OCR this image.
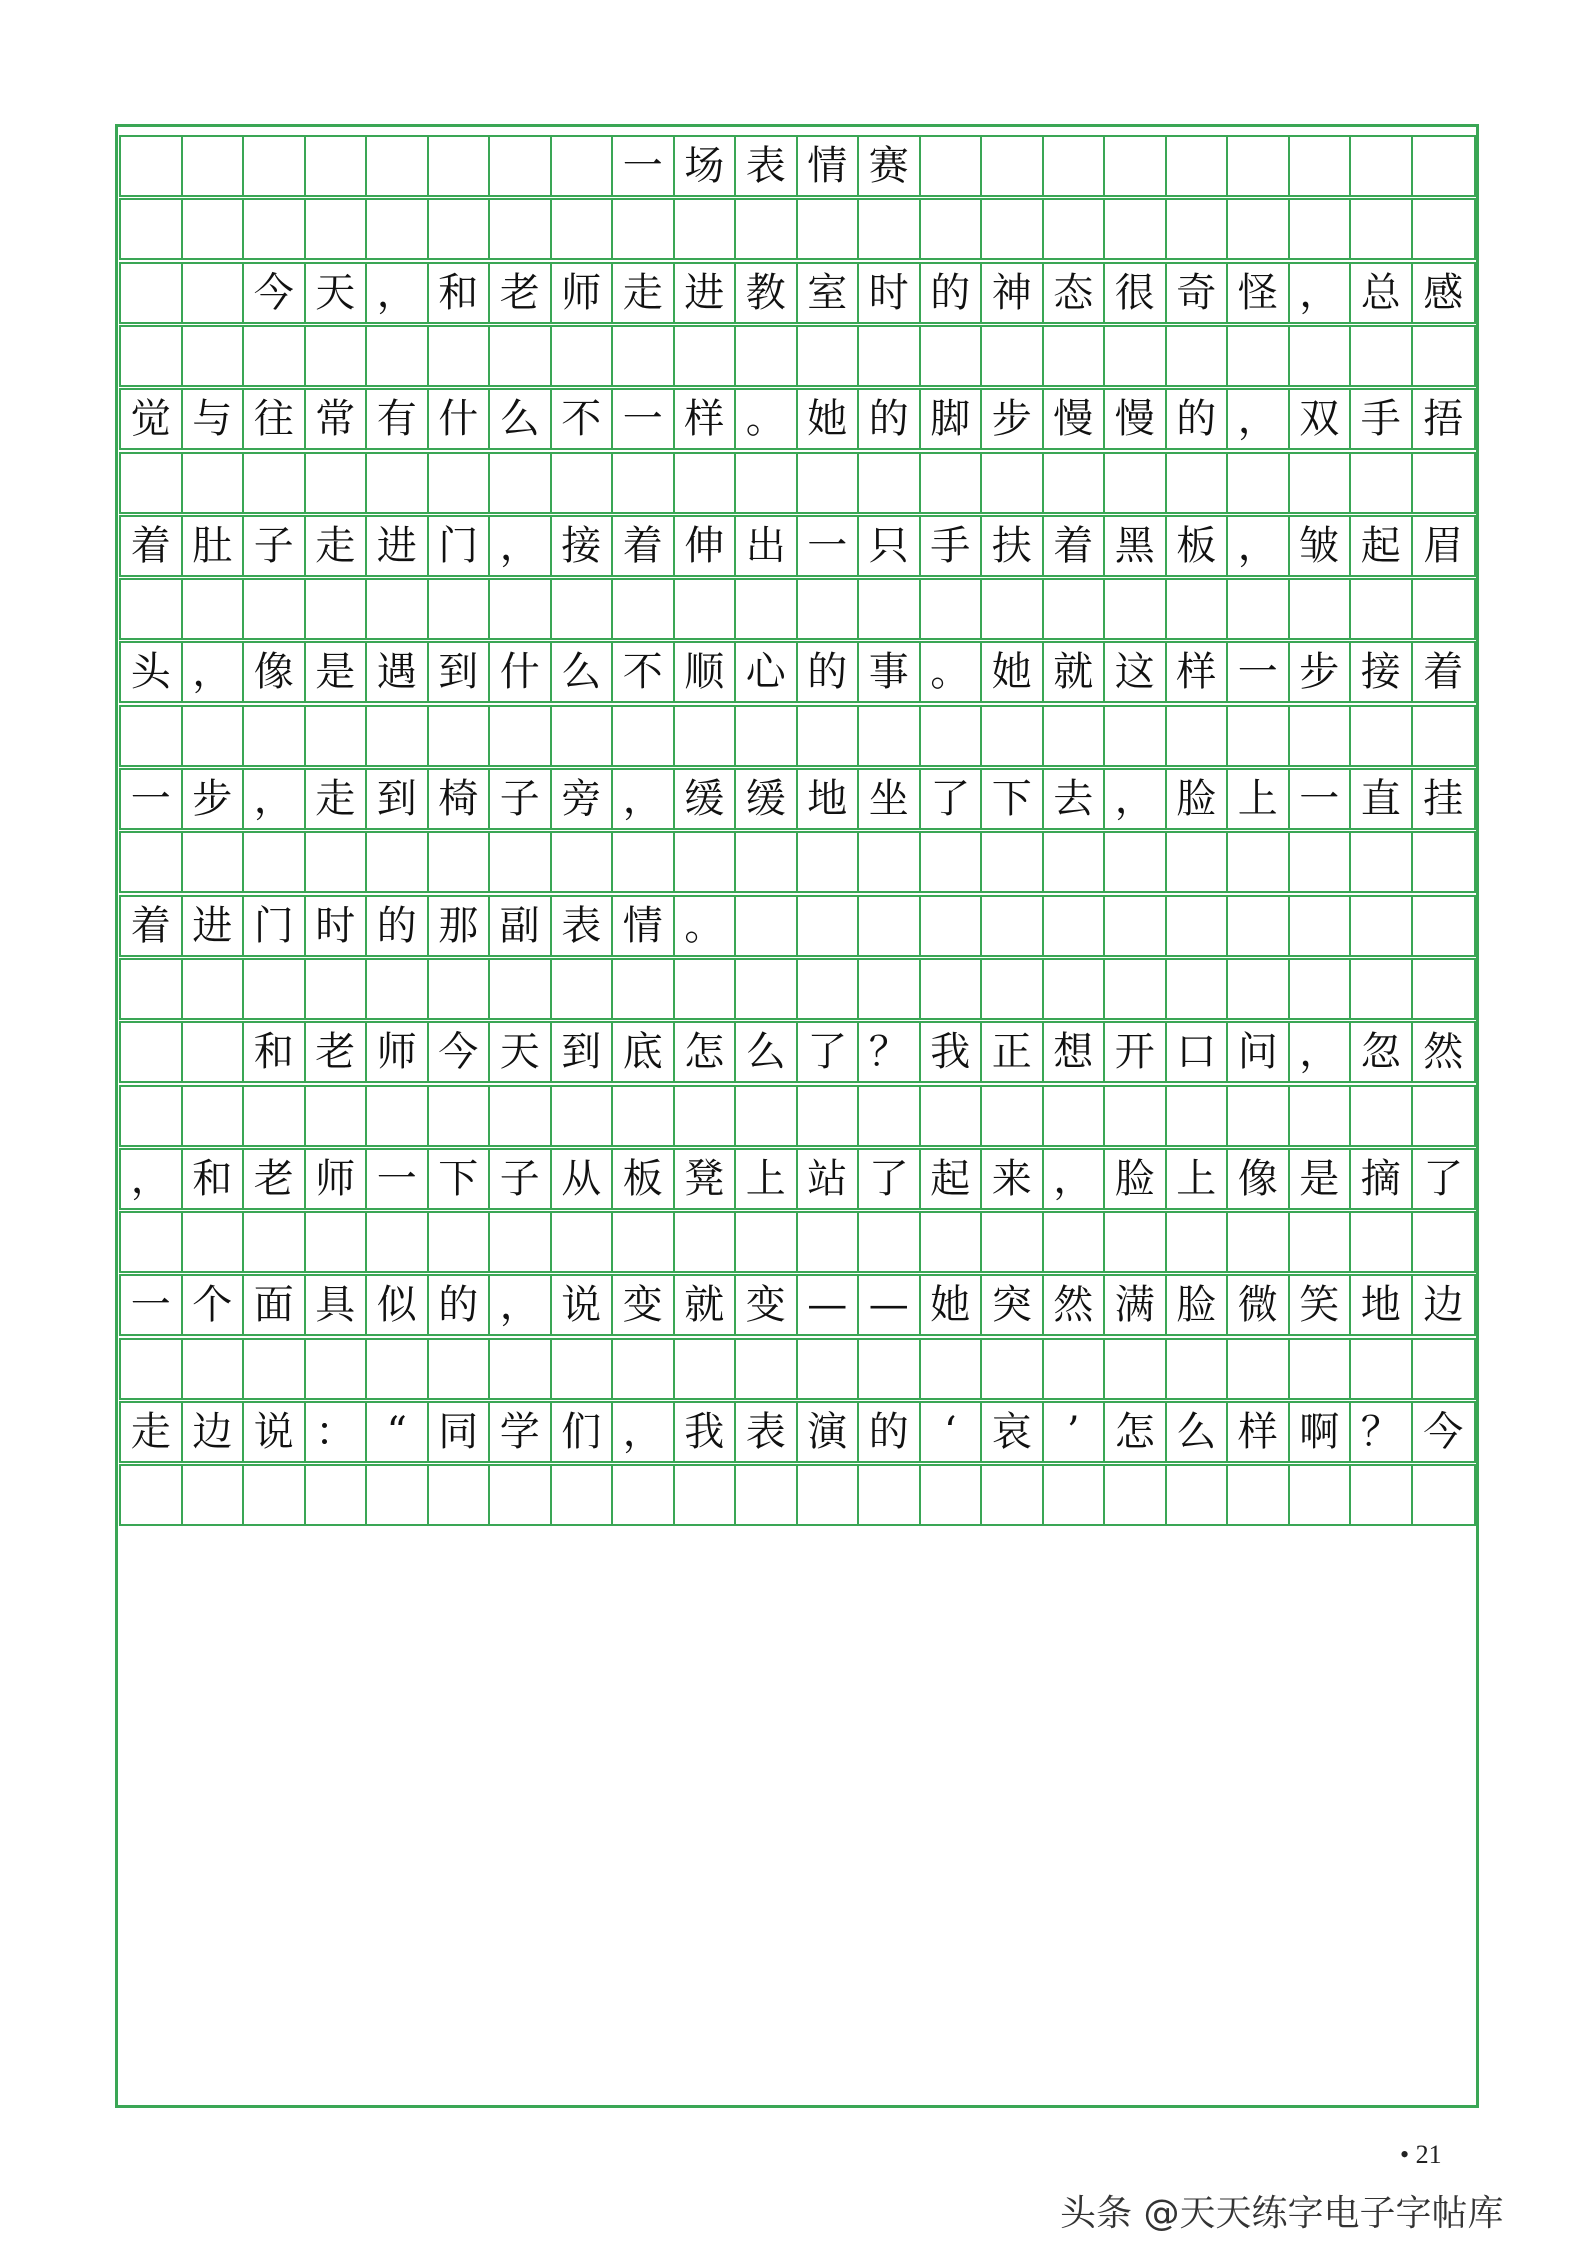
一 场 表 情 赛
今 天 ， 和 老 师 走 进 教 室 时 的 神 态 很 奇 怪 ， 总 感
觉 与 往 常 有 什 么 不 一 样 。 她 的 脚 步 慢 慢 的 ， 双 手 捂
着 肚 子 走 进 门 ， 接 着 伸 出 一 只 手 扶 着 黑 板 ， 皱 起 眉
头 ， 像 是 遇 到 什 么 不 顺 心 的 事 。 她 就 这 样 一 步 接 着
一 步 ， 走 到 椅 子 旁 ， 缓 缓 地 坐 了 下 去 ， 脸 上 一 直 挂
着 进 门 时 的 那 副 表 情 。
和 老 师 今 天 到 底 怎 么 了 ？ 我 正 想 开 口 问 ， 忽 然
， 和 老 师 一 下 子 从 板 凳 上 站 了 起 来 ， 脸 上 像 是 摘 了
一 个 面 具 似 的 ， 说 变 就 变 — — 她 突 然 满 脸 微 笑 地 边
走 边 说 ： “ 同 学 们 ， 我 表 演 的 ‘ 哀 ’ 怎 么 样 啊 ？ 今
• 21
头条 @天天练字电子字帖库
